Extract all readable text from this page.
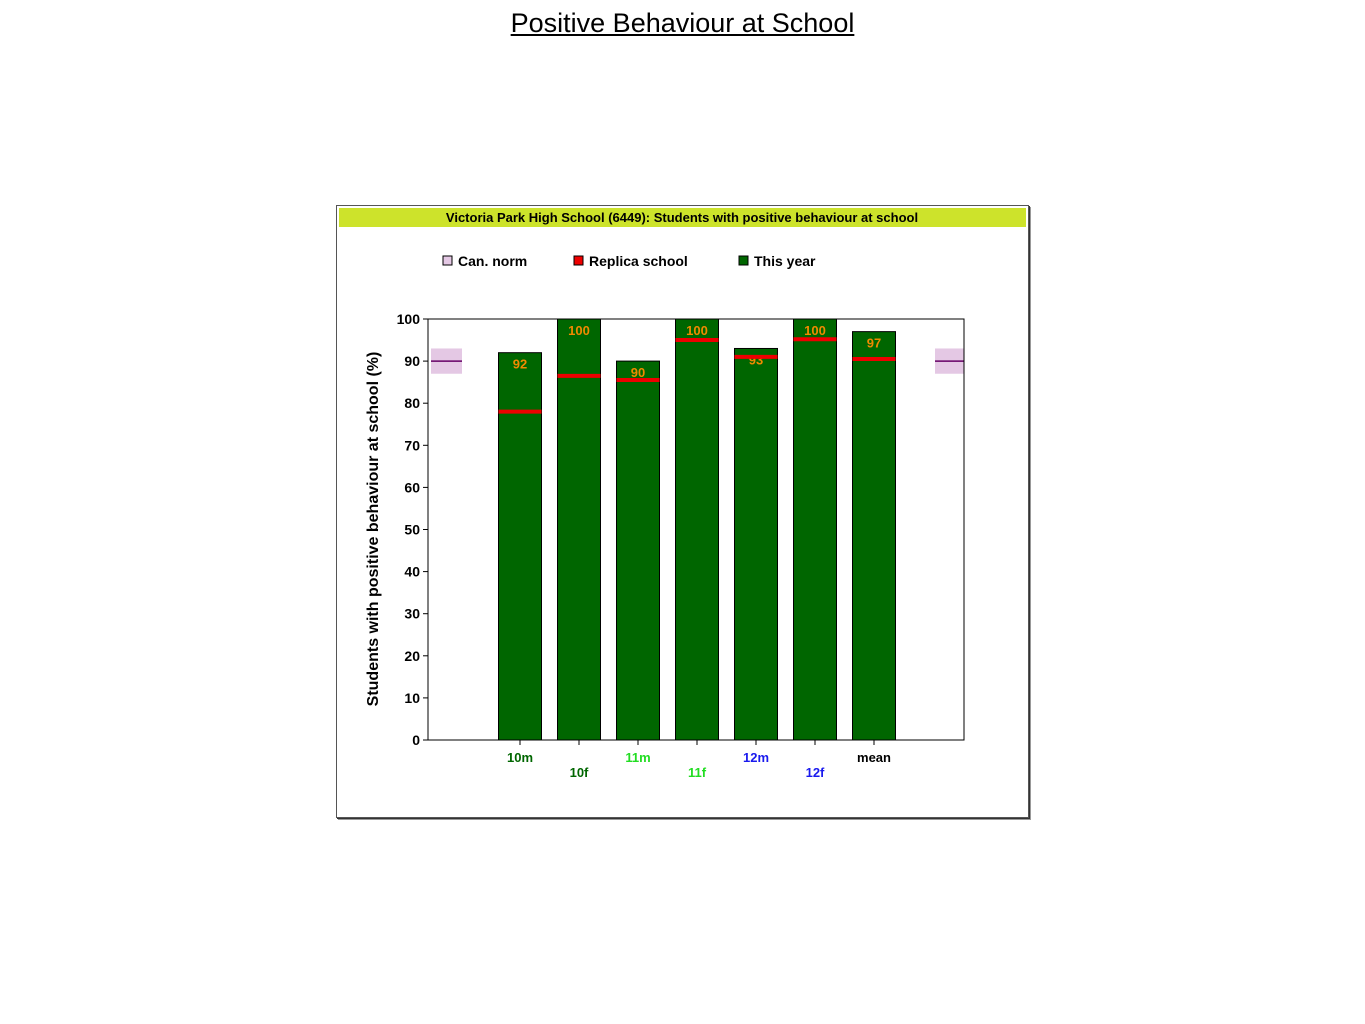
Positive Behaviour at School
Victoria Park High School (6449): Students with positive behaviour at school
Can. norm	Replica school	This year
Students with positive behaviour at school (%)	92
100
90
100
93
100
97
0
10
20
30
40
50
60
70
80
90
100
10m
10f
11m
11f
12m
12f
mean
